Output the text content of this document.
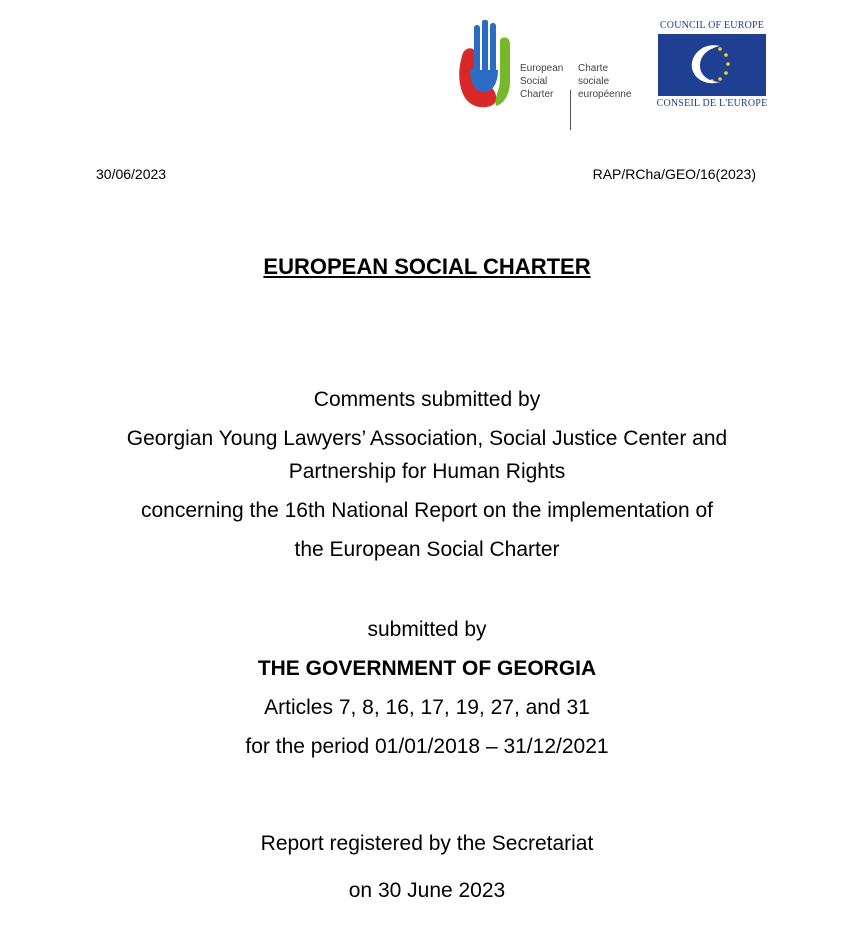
European
Social
Charter
Charte
sociale
européenne
COUNCIL OF EUROPE
CONSEIL DE L'EUROPE
30/06/2023	RAP/RCha/GEO/16(2023)
EUROPEAN SOCIAL CHARTER
Comments submitted by
Georgian Young Lawyers’ Association, Social Justice Center and
Partnership for Human Rights
concerning the 16th National Report on the implementation of
the European Social Charter
submitted by
THE GOVERNMENT OF GEORGIA
Articles 7, 8, 16, 17, 19, 27, and 31
for the period 01/01/2018 – 31/12/2021
Report registered by the Secretariat
on 30 June 2023
